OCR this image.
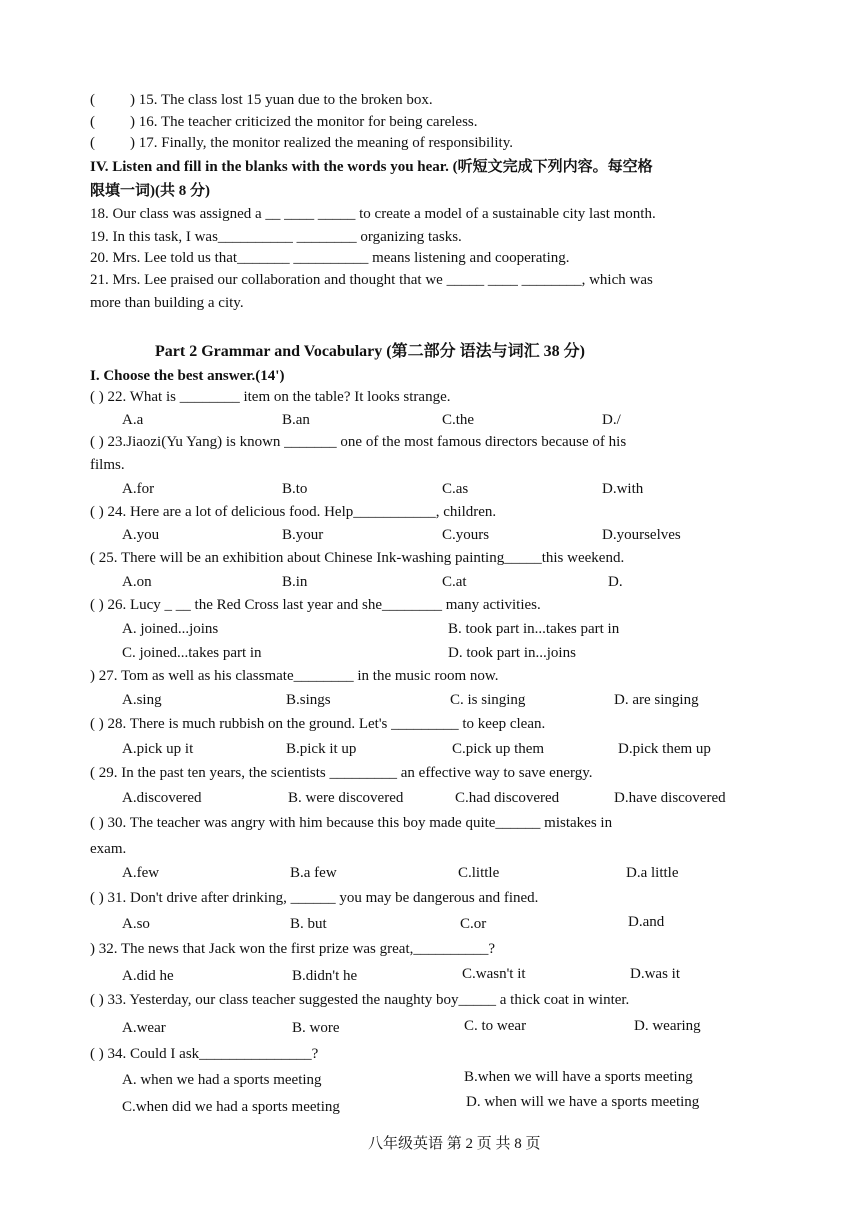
( ) 15. The class lost 15 yuan due to the broken box.
( ) 16. The teacher criticized the monitor for being careless.
( ) 17. Finally, the monitor realized the meaning of responsibility.
IV. Listen and fill in the blanks with the words you hear. (听短文完成下列内容。每空格
限填一词)(共 8 分)
18. Our class was assigned a __ ____ _____ to create a model of a sustainable city last month.
19. In this task, I was__________ ________ organizing tasks.
20. Mrs. Lee told us that_______ __________ means listening and cooperating.
21. Mrs. Lee praised our collaboration and thought that we _____ ____ ________, which was
more than building a city.
Part 2 Grammar and Vocabulary (第二部分 语法与词汇 38 分)
I. Choose the best answer.(14')
( ) 22. What is ________ item on the table? It looks strange.
A.a	B.an	C.the	D./
( ) 23.Jiaozi(Yu Yang) is known _______ one of the most famous directors because of his
films.
A.for	B.to	C.as	D.with
( ) 24. Here are a lot of delicious food. Help___________, children.
A.you	B.your	C.yours	D.yourselves
( 25. There will be an exhibition about Chinese Ink-washing painting_____this weekend.
A.on	B.in	C.at	D.
( ) 26. Lucy _ __ the Red Cross last year and she________ many activities.
A. joined...joins	B. took part in...takes part in
C. joined...takes part in	D. took part in...joins
) 27. Tom as well as his classmate________ in the music room now.
A.sing	B.sings	C. is singing	D. are singing
( ) 28. There is much rubbish on the ground. Let's _________ to keep clean.
A.pick up it	B.pick it up	C.pick up them	D.pick them up
( 29. In the past ten years, the scientists _________ an effective way to save energy.
A.discovered	B. were discovered	C.had discovered	D.have discovered
( ) 30. The teacher was angry with him because this boy made quite______ mistakes in
exam.
A.few	B.a few	C.little	D.a little
( ) 31. Don't drive after drinking, ______ you may be dangerous and fined.
A.so	B. but	C.or	D.and
) 32. The news that Jack won the first prize was great,__________?
A.did he	B.didn't he	C.wasn't it	D.was it
( ) 33. Yesterday, our class teacher suggested the naughty boy_____ a thick coat in winter.
A.wear	B. wore	C. to wear	D. wearing
( ) 34. Could I ask_______________?
A. when we had a sports meeting	B.when we will have a sports meeting
C.when did we had a sports meeting	D. when will we have a sports meeting
八年级英语 第 2 页 共 8 页
